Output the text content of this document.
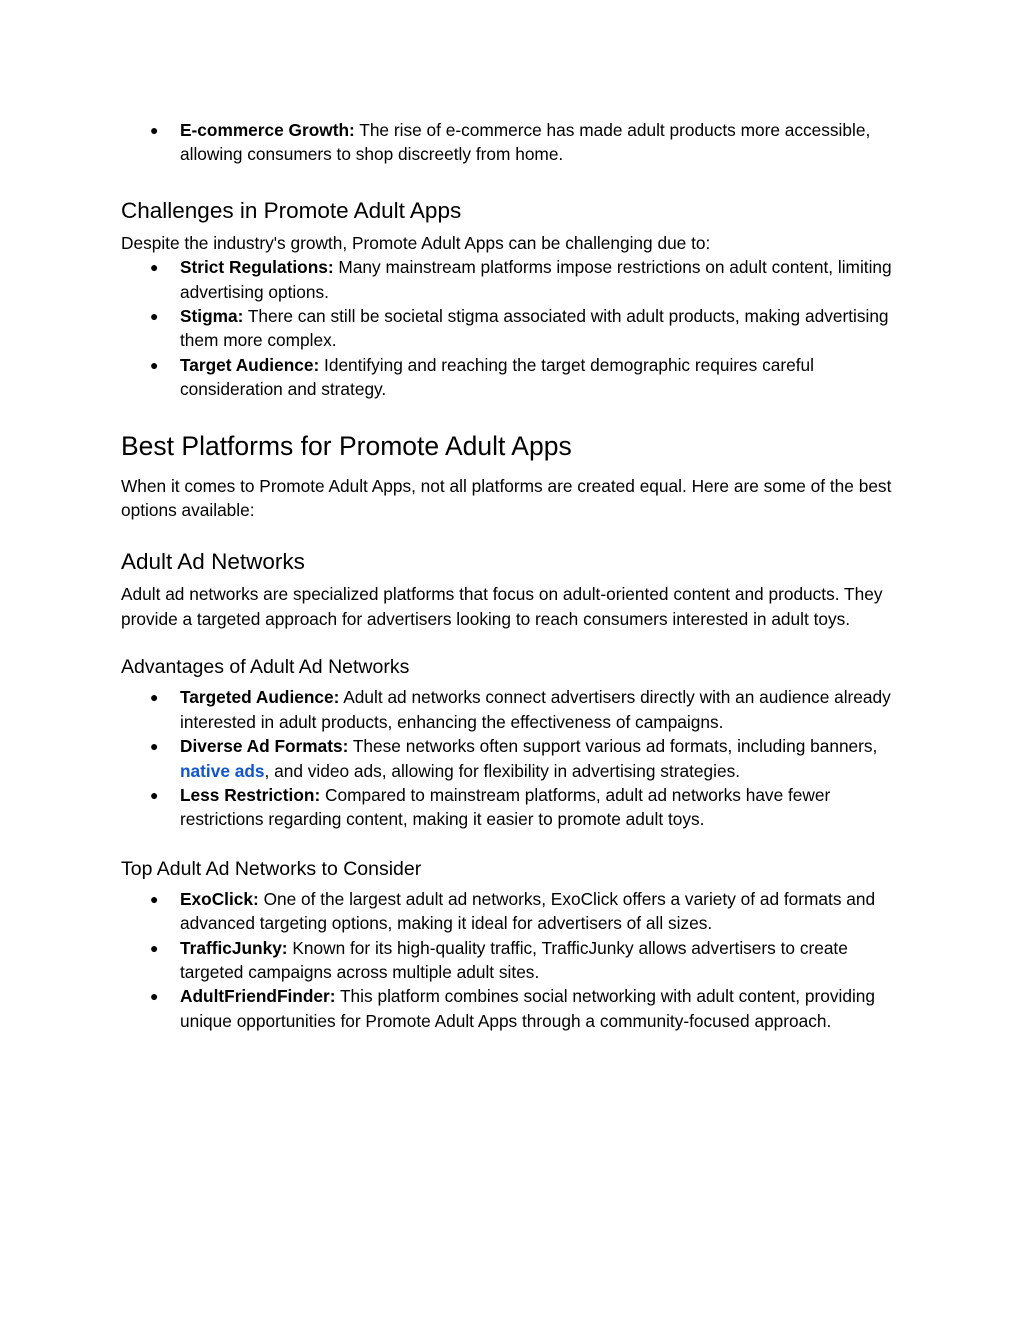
● E-commerce Growth: The rise of e-commerce has made adult products more accessible, allowing consumers to shop discreetly from home.
Challenges in Promote Adult Apps

Despite the industry's growth, Promote Adult Apps can be challenging due to:

● Strict Regulations: Many mainstream platforms impose restrictions on adult content, limiting advertising options.
● Stigma: There can still be societal stigma associated with adult products, making advertising them more complex.
● Target Audience: Identifying and reaching the target demographic requires careful consideration and strategy.
Best Platforms for Promote Adult Apps

When it comes to Promote Adult Apps, not all platforms are created equal. Here are some of the best options available:

Adult Ad Networks

Adult ad networks are specialized platforms that focus on adult-oriented content and products. They provide a targeted approach for advertisers looking to reach consumers interested in adult toys.

Advantages of Adult Ad Networks
● Targeted Audience: Adult ad networks connect advertisers directly with an audience already interested in adult products, enhancing the effectiveness of campaigns.
● Diverse Ad Formats: These networks often support various ad formats, including banners, native ads, and video ads, allowing for flexibility in advertising strategies.
● Less Restriction: Compared to mainstream platforms, adult ad networks have fewer restrictions regarding content, making it easier to promote adult toys.
Top Adult Ad Networks to Consider
● ExoClick: One of the largest adult ad networks, ExoClick offers a variety of ad formats and advanced targeting options, making it ideal for advertisers of all sizes.
● TrafficJunky: Known for its high-quality traffic, TrafficJunky allows advertisers to create targeted campaigns across multiple adult sites.
● AdultFriendFinder: This platform combines social networking with adult content, providing unique opportunities for Promote Adult Apps through a community-focused approach.
